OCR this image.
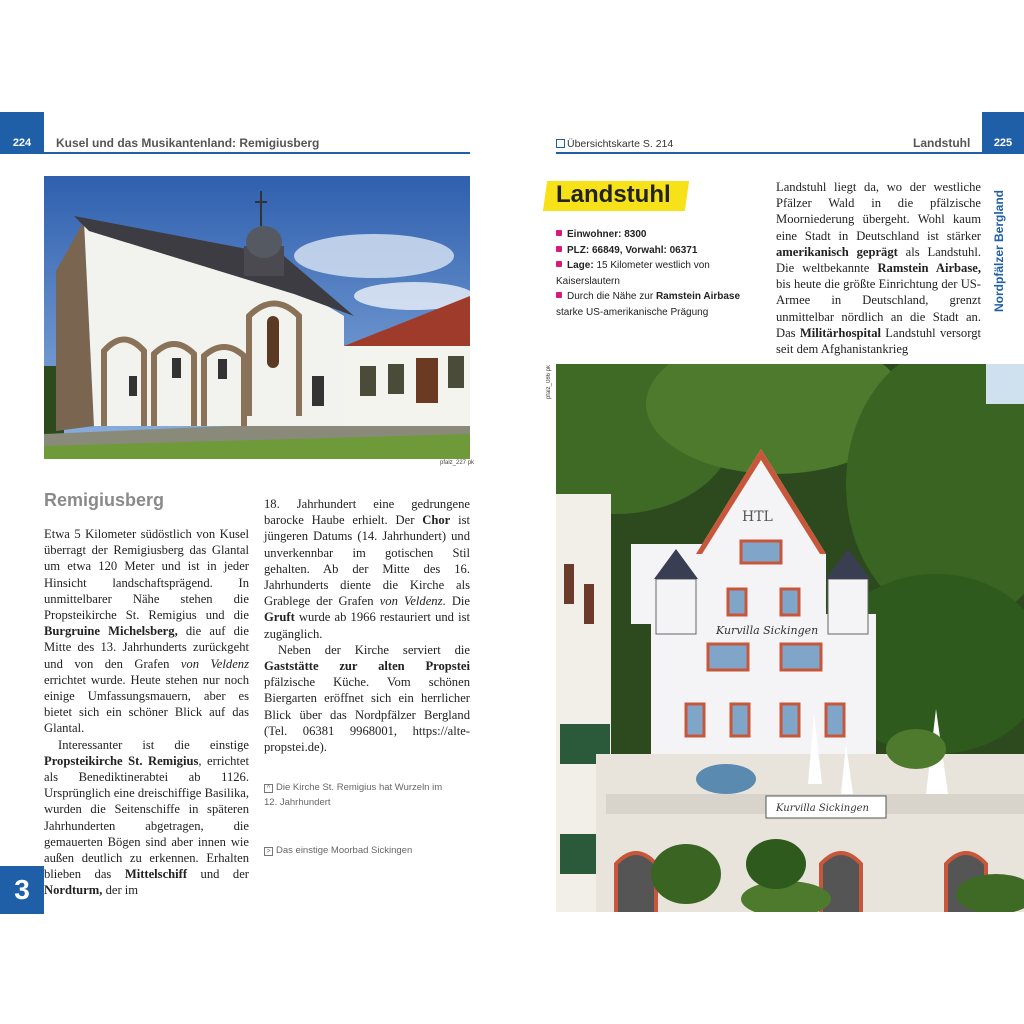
224 Kusel und das Musikantenland: Remigiusberg
pfalz_227 pk
Remigiusberg

Etwa 5 Kilometer südöstlich von Kusel überragt der Remigiusberg das Glantal um etwa 120 Meter und ist in jeder Hinsicht landschaftsprägend. In unmittelbarer Nähe stehen die Propsteikirche St. Remigius und die Burgruine Michelsberg, die auf die Mitte des 13. Jahrhunderts zurückgeht und von den Grafen von Veldenz errichtet wurde. Heute stehen nur noch einige Umfassungsmauern, aber es bietet sich ein schöner Blick auf das Glantal.

Interessanter ist die einstige Propsteikirche St. Remigius, errichtet als Benediktinerabtei ab 1126. Ursprünglich eine dreischiffige Basilika, wurden die Seitenschiffe in späteren Jahrhunderten abgetragen, die gemauerten Bögen sind aber innen wie außen deutlich zu erkennen. Erhalten blieben das Mittelschiff und der Nordturm, der im

18. Jahrhundert eine gedrungene barocke Haube erhielt. Der Chor ist jüngeren Datums (14. Jahrhundert) und unverkennbar im gotischen Stil gehalten. Ab der Mitte des 16. Jahrhunderts diente die Kirche als Grablege der Grafen von Veldenz. Die Gruft wurde ab 1966 restauriert und ist zugänglich.

Neben der Kirche serviert die Gaststätte zur alten Propstei pfälzische Küche. Vom schönen Biergarten eröffnet sich ein herrlicher Blick über das Nordpfälzer Bergland (Tel. 06381 9968001, https://alte-propstei.de).

^ Die Kirche St. Remigius hat Wurzeln im 12. Jahrhundert
> Das einstige Moorbad Sickingen
3
Übersichtskarte S. 214	Landstuhl 225
Nordpfälzer Bergland
Landstuhl
Einwohner: 8300
PLZ: 66849, Vorwahl: 06371
Lage: 15 Kilometer westlich von Kaiserslautern
Durch die Nähe zur Ramstein Airbase starke US-amerikanische Prägung

Landstuhl liegt da, wo der westliche Pfälzer Wald in die pfälzische Moorniederung übergeht. Wohl kaum eine Stadt in Deutschland ist stärker amerikanisch geprägt als Landstuhl. Die weltbekannte Ramstein Airbase, bis heute die größte Einrichtung der US-Armee in Deutschland, grenzt unmittelbar nördlich an die Stadt an. Das Militärhospital Landstuhl versorgt seit dem Afghanistankrieg

pfalz_086 pk
HTL
Kurvilla Sickingen
Kurvilla Sickingen
